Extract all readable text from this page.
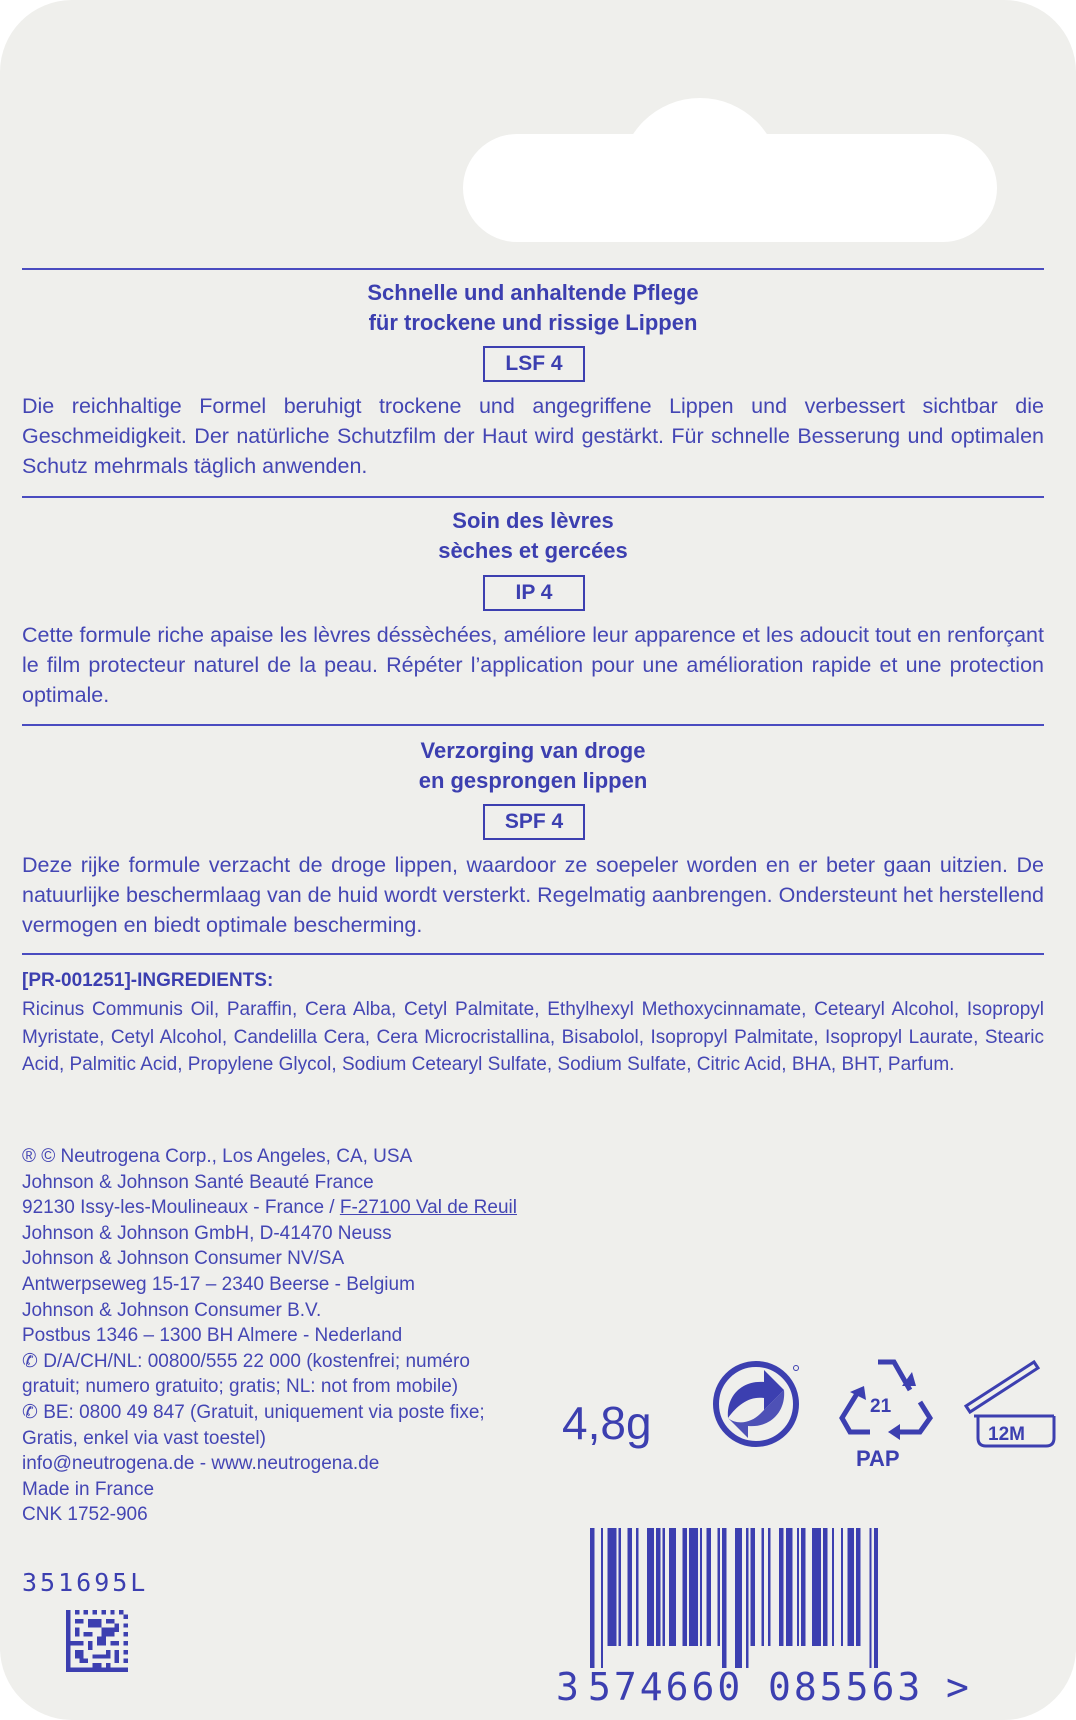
Schnelle und anhaltende Pflege
für trockene und rissige Lippen
LSF 4
Die reichhaltige Formel beruhigt trockene und angegriffene Lippen und verbessert sichtbar die Geschmeidigkeit. Der natürliche Schutzfilm der Haut wird gestärkt. Für schnelle Besserung und optimalen Schutz mehrmals täglich anwenden.
Soin des lèvres
sèches et gercées
IP 4
Cette formule riche apaise les lèvres déssèchées, améliore leur apparence et les adoucit tout en renforçant le film protecteur naturel de la peau. Répéter l’application pour une amélioration rapide et une protection optimale.
Verzorging van droge
en gesprongen lippen
SPF 4
Deze rijke formule verzacht de droge lippen, waardoor ze soepeler worden en er beter gaan uitzien. De natuurlijke beschermlaag van de huid wordt versterkt. Regelmatig aanbrengen. Ondersteunt het herstellend vermogen en biedt optimale bescherming.
[PR-001251]-INGREDIENTS:
Ricinus Communis Oil, Paraffin, Cera Alba, Cetyl Palmitate, Ethylhexyl Methoxycinnamate, Cetearyl Alcohol, Isopropyl Myristate, Cetyl Alcohol, Candelilla Cera, Cera Microcristallina, Bisabolol, Isopropyl Palmitate, Isopropyl Laurate, Stearic Acid, Palmitic Acid, Propylene Glycol, Sodium Cetearyl Sulfate, Sodium Sulfate, Citric Acid, BHA, BHT, Parfum.
® © Neutrogena Corp., Los Angeles, CA, USA
Johnson & Johnson Santé Beauté France
92130 Issy-les-Moulineaux - France / F-27100 Val de Reuil
Johnson & Johnson GmbH, D-41470 Neuss
Johnson & Johnson Consumer NV/SA
Antwerpseweg 15-17 – 2340 Beerse - Belgium
Johnson & Johnson Consumer B.V.
Postbus 1346 – 1300 BH Almere - Nederland
✆ D/A/CH/NL: 00800/555 22 000 (kostenfrei; numéro
gratuit; numero gratuito; gratis; NL: not from mobile)
✆ BE: 0800 49 847 (Gratuit, uniquement via poste fixe;
Gratis, enkel via vast toestel)
info@neutrogena.de - www.neutrogena.de
Made in France
CNK 1752-906
4,8g	21
PAP
12M
351695L
3 574660 085563 >
